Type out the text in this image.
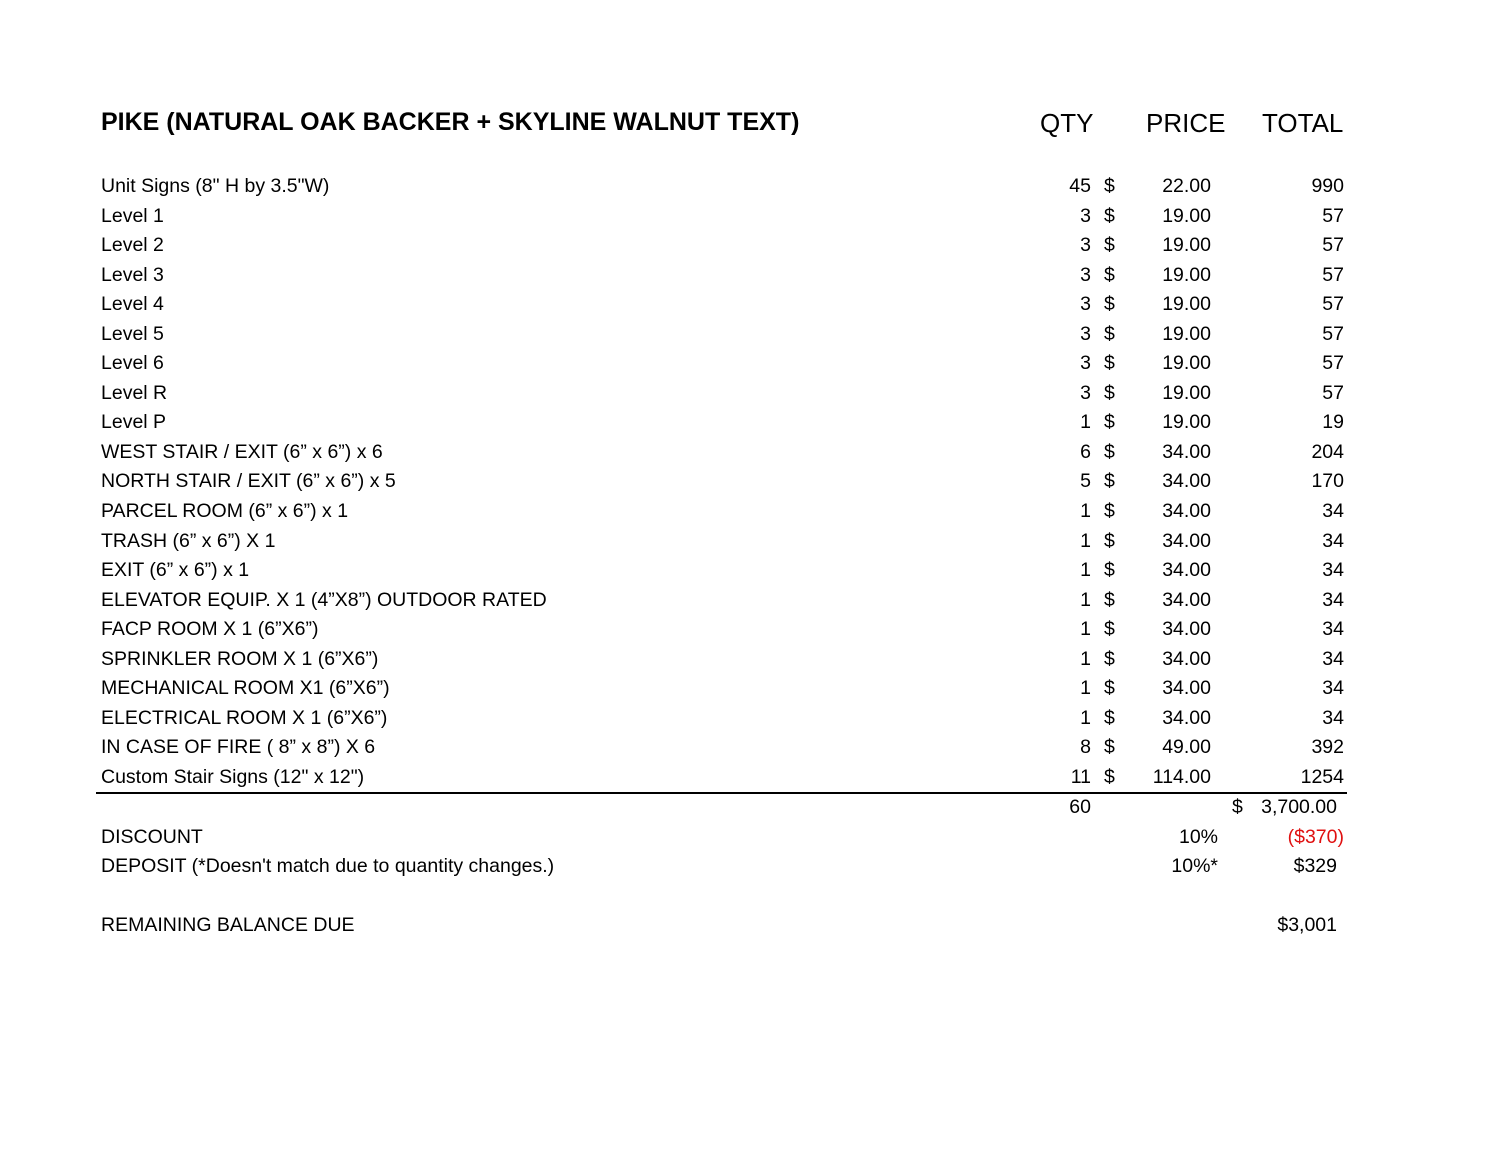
PIKE (NATURAL OAK BACKER + SKYLINE WALNUT TEXT)	QTY PRICE TOTAL
Unit Signs (8" H by 3.5"W)	45 $ 22.00	990
Level 1	3 $ 19.00	57
Level 2	3 $ 19.00	57
Level 3	3 $ 19.00	57
Level 4	3 $ 19.00	57
Level 5	3 $ 19.00	57
Level 6	3 $ 19.00	57
Level R	3 $ 19.00	57
Level P	1 $ 19.00	19
WEST STAIR / EXIT (6” x 6”) x 6	6 $ 34.00	204
NORTH STAIR / EXIT (6” x 6”) x 5	5 $ 34.00	170
PARCEL ROOM (6” x 6”) x 1	1 $ 34.00	34
TRASH (6” x 6”) X 1	1 $ 34.00	34
EXIT (6” x 6”) x 1	1 $ 34.00	34
ELEVATOR EQUIP. X 1 (4”X8”) OUTDOOR RATED	1 $ 34.00	34
FACP ROOM X 1 (6”X6”)	1 $ 34.00	34
SPRINKLER ROOM X 1 (6”X6”)	1 $ 34.00	34
MECHANICAL ROOM X1 (6”X6”)	1 $ 34.00	34
ELECTRICAL ROOM X 1 (6”X6”)	1 $ 34.00	34
IN CASE OF FIRE ( 8” x 8”) X 6	8 $ 49.00	392
Custom Stair Signs (12" x 12")	11 $ 114.00	1254
60	$ 3,700.00
DISCOUNT	10%	($370)
DEPOSIT (*Doesn't match due to quantity changes.)	10%*	$329
REMAINING BALANCE DUE	$3,001
